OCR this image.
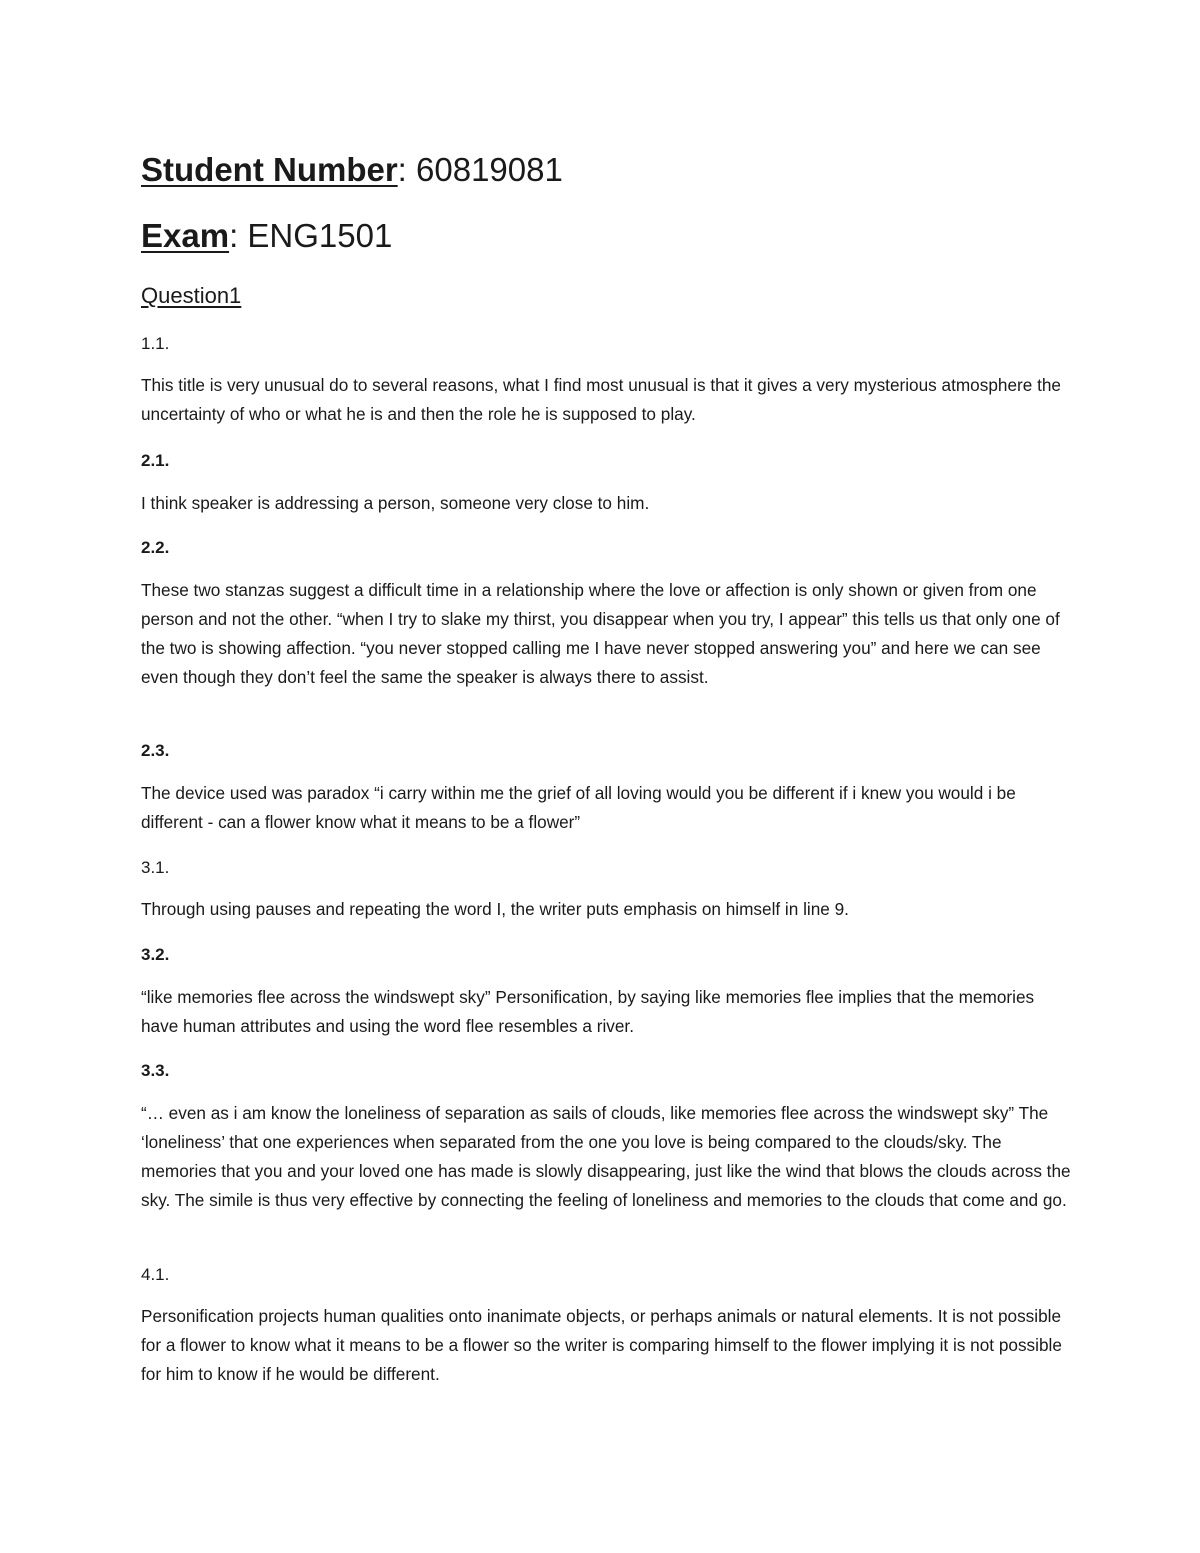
Student Number: 60819081
Exam: ENG1501
Question1
1.1.
This title is very unusual do to several reasons, what I find most unusual is that it gives a very mysterious atmosphere the uncertainty of who or what he is and then the role he is supposed to play.
2.1.
I think speaker is addressing a person, someone very close to him.
2.2.
These two stanzas suggest a difficult time in a relationship where the love or affection is only shown or given from one person and not the other. “when I try to slake my thirst, you disappear when you try, I appear” this tells us that only one of the two is showing affection. “you never stopped calling me I have never stopped answering you” and here we can see even though they don’t feel the same the speaker is always there to assist.
2.3.
The device used was paradox “i carry within me the grief of all loving would you be different if i knew you would i be different - can a flower know what it means to be a flower”
3.1.
Through using pauses and repeating the word I, the writer puts emphasis on himself in line 9.
3.2.
“like memories flee across the windswept sky” Personification, by saying like memories flee implies that the memories have human attributes and using the word flee resembles a river.
3.3.
“… even as i am know the loneliness of separation as sails of clouds, like memories flee across the windswept sky” The ‘loneliness’ that one experiences when separated from the one you love is being compared to the clouds/sky. The memories that you and your loved one has made is slowly disappearing, just like the wind that blows the clouds across the sky. The simile is thus very effective by connecting the feeling of loneliness and memories to the clouds that come and go.
4.1.
Personification projects human qualities onto inanimate objects, or perhaps animals or natural elements. It is not possible for a flower to know what it means to be a flower so the writer is comparing himself to the flower implying it is not possible for him to know if he would be different.
